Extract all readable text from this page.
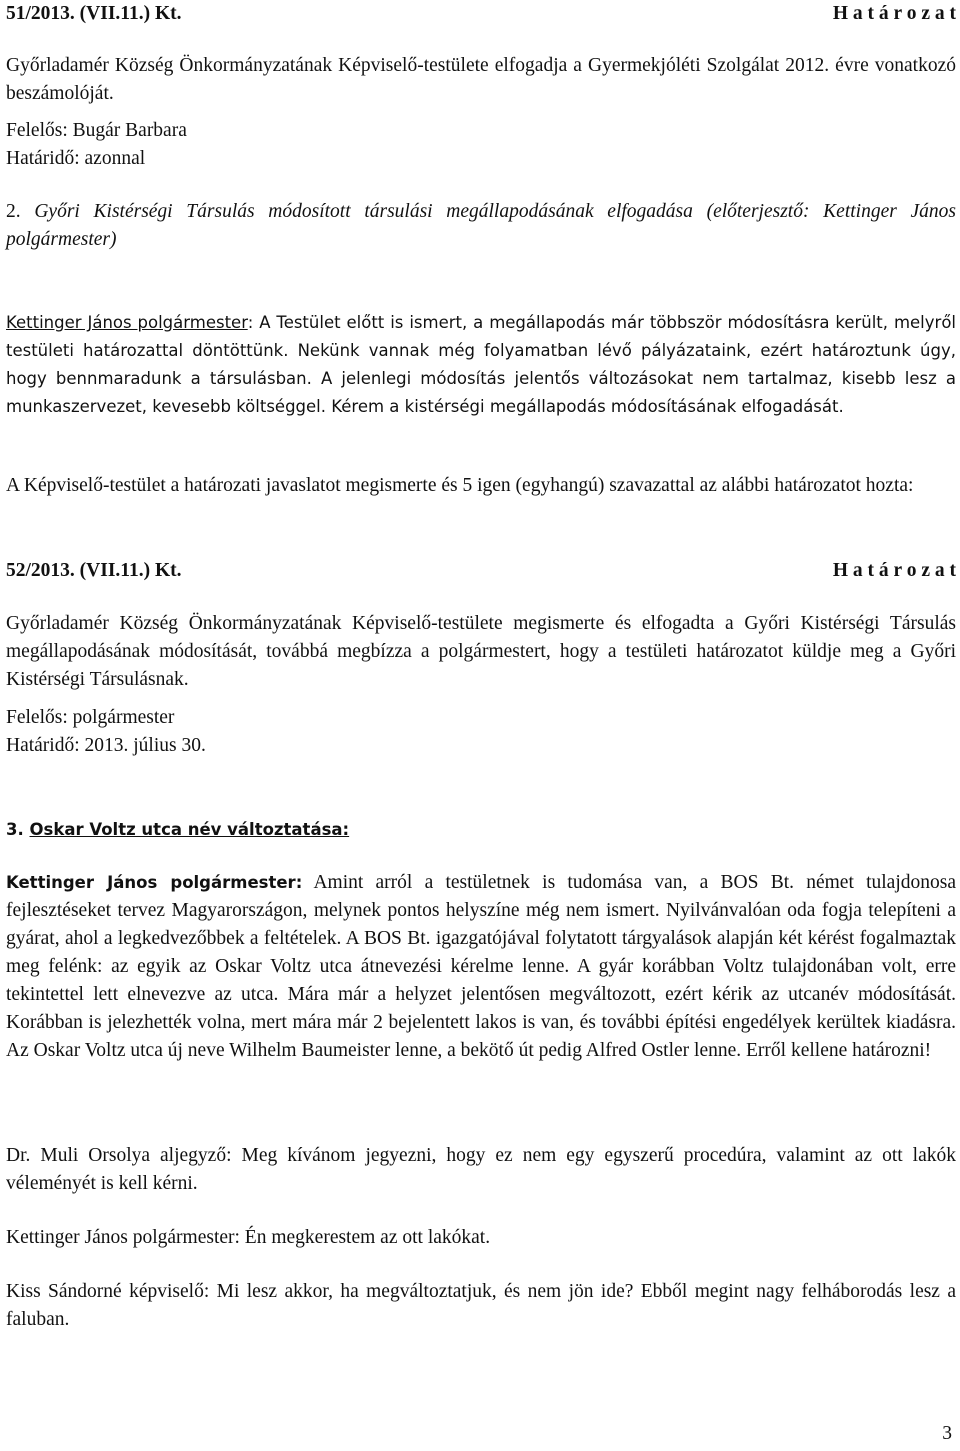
51/2013. (VII.11.) Kt.	H a t á r o z a t

Győrladamér Község Önkormányzatának Képviselő-testülete elfogadja a Gyermekjóléti Szolgálat 2012. évre vonatkozó beszámolóját.

Felelős: Bugár Barbara

Határidő: azonnal

2. Győri Kistérségi Társulás módosított társulási megállapodásának elfogadása (előterjesztő: Kettinger János polgármester)

Kettinger János polgármester: A Testület előtt is ismert, a megállapodás már többször módosításra került, melyről testületi határozattal döntöttünk. Nekünk vannak még folyamatban lévő pályázataink, ezért határoztunk úgy, hogy bennmaradunk a társulásban. A jelenlegi módosítás jelentős változásokat nem tartalmaz, kisebb lesz a munkaszervezet, kevesebb költséggel. Kérem a kistérségi megállapodás módosításának elfogadását.

A Képviselő-testület a határozati javaslatot megismerte és 5 igen (egyhangú) szavazattal az alábbi határozatot hozta:

52/2013. (VII.11.) Kt.	H a t á r o z a t

Győrladamér Község Önkormányzatának Képviselő-testülete megismerte és elfogadta a Győri Kistérségi Társulás megállapodásának módosítását, továbbá megbízza a polgármestert, hogy a testületi határozatot küldje meg a Győri Kistérségi Társulásnak.

Felelős: polgármester

Határidő: 2013. július 30.

3. Oskar Voltz utca név változtatása:

Kettinger János polgármester: Amint arról a testületnek is tudomása van, a BOS Bt. német tulajdonosa fejlesztéseket tervez Magyarországon, melynek pontos helyszíne még nem ismert. Nyilvánvalóan oda fogja telepíteni a gyárat, ahol a legkedvezőbbek a feltételek. A BOS Bt. igazgatójával folytatott tárgyalások alapján két kérést fogalmaztak meg felénk: az egyik az Oskar Voltz utca átnevezési kérelme lenne. A gyár korábban Voltz tulajdonában volt, erre tekintettel lett elnevezve az utca. Mára már a helyzet jelentősen megváltozott, ezért kérik az utcanév módosítását. Korábban is jelezhették volna, mert mára már 2 bejelentett lakos is van, és további építési engedélyek kerültek kiadásra. Az Oskar Voltz utca új neve Wilhelm Baumeister lenne, a bekötő út pedig Alfred Ostler lenne. Erről kellene határozni!

Dr. Muli Orsolya aljegyző: Meg kívánom jegyezni, hogy ez nem egy egyszerű procedúra, valamint az ott lakók véleményét is kell kérni.

Kettinger János polgármester: Én megkerestem az ott lakókat.

Kiss Sándorné képviselő: Mi lesz akkor, ha megváltoztatjuk, és nem jön ide? Ebből megint nagy felháborodás lesz a faluban.

3
